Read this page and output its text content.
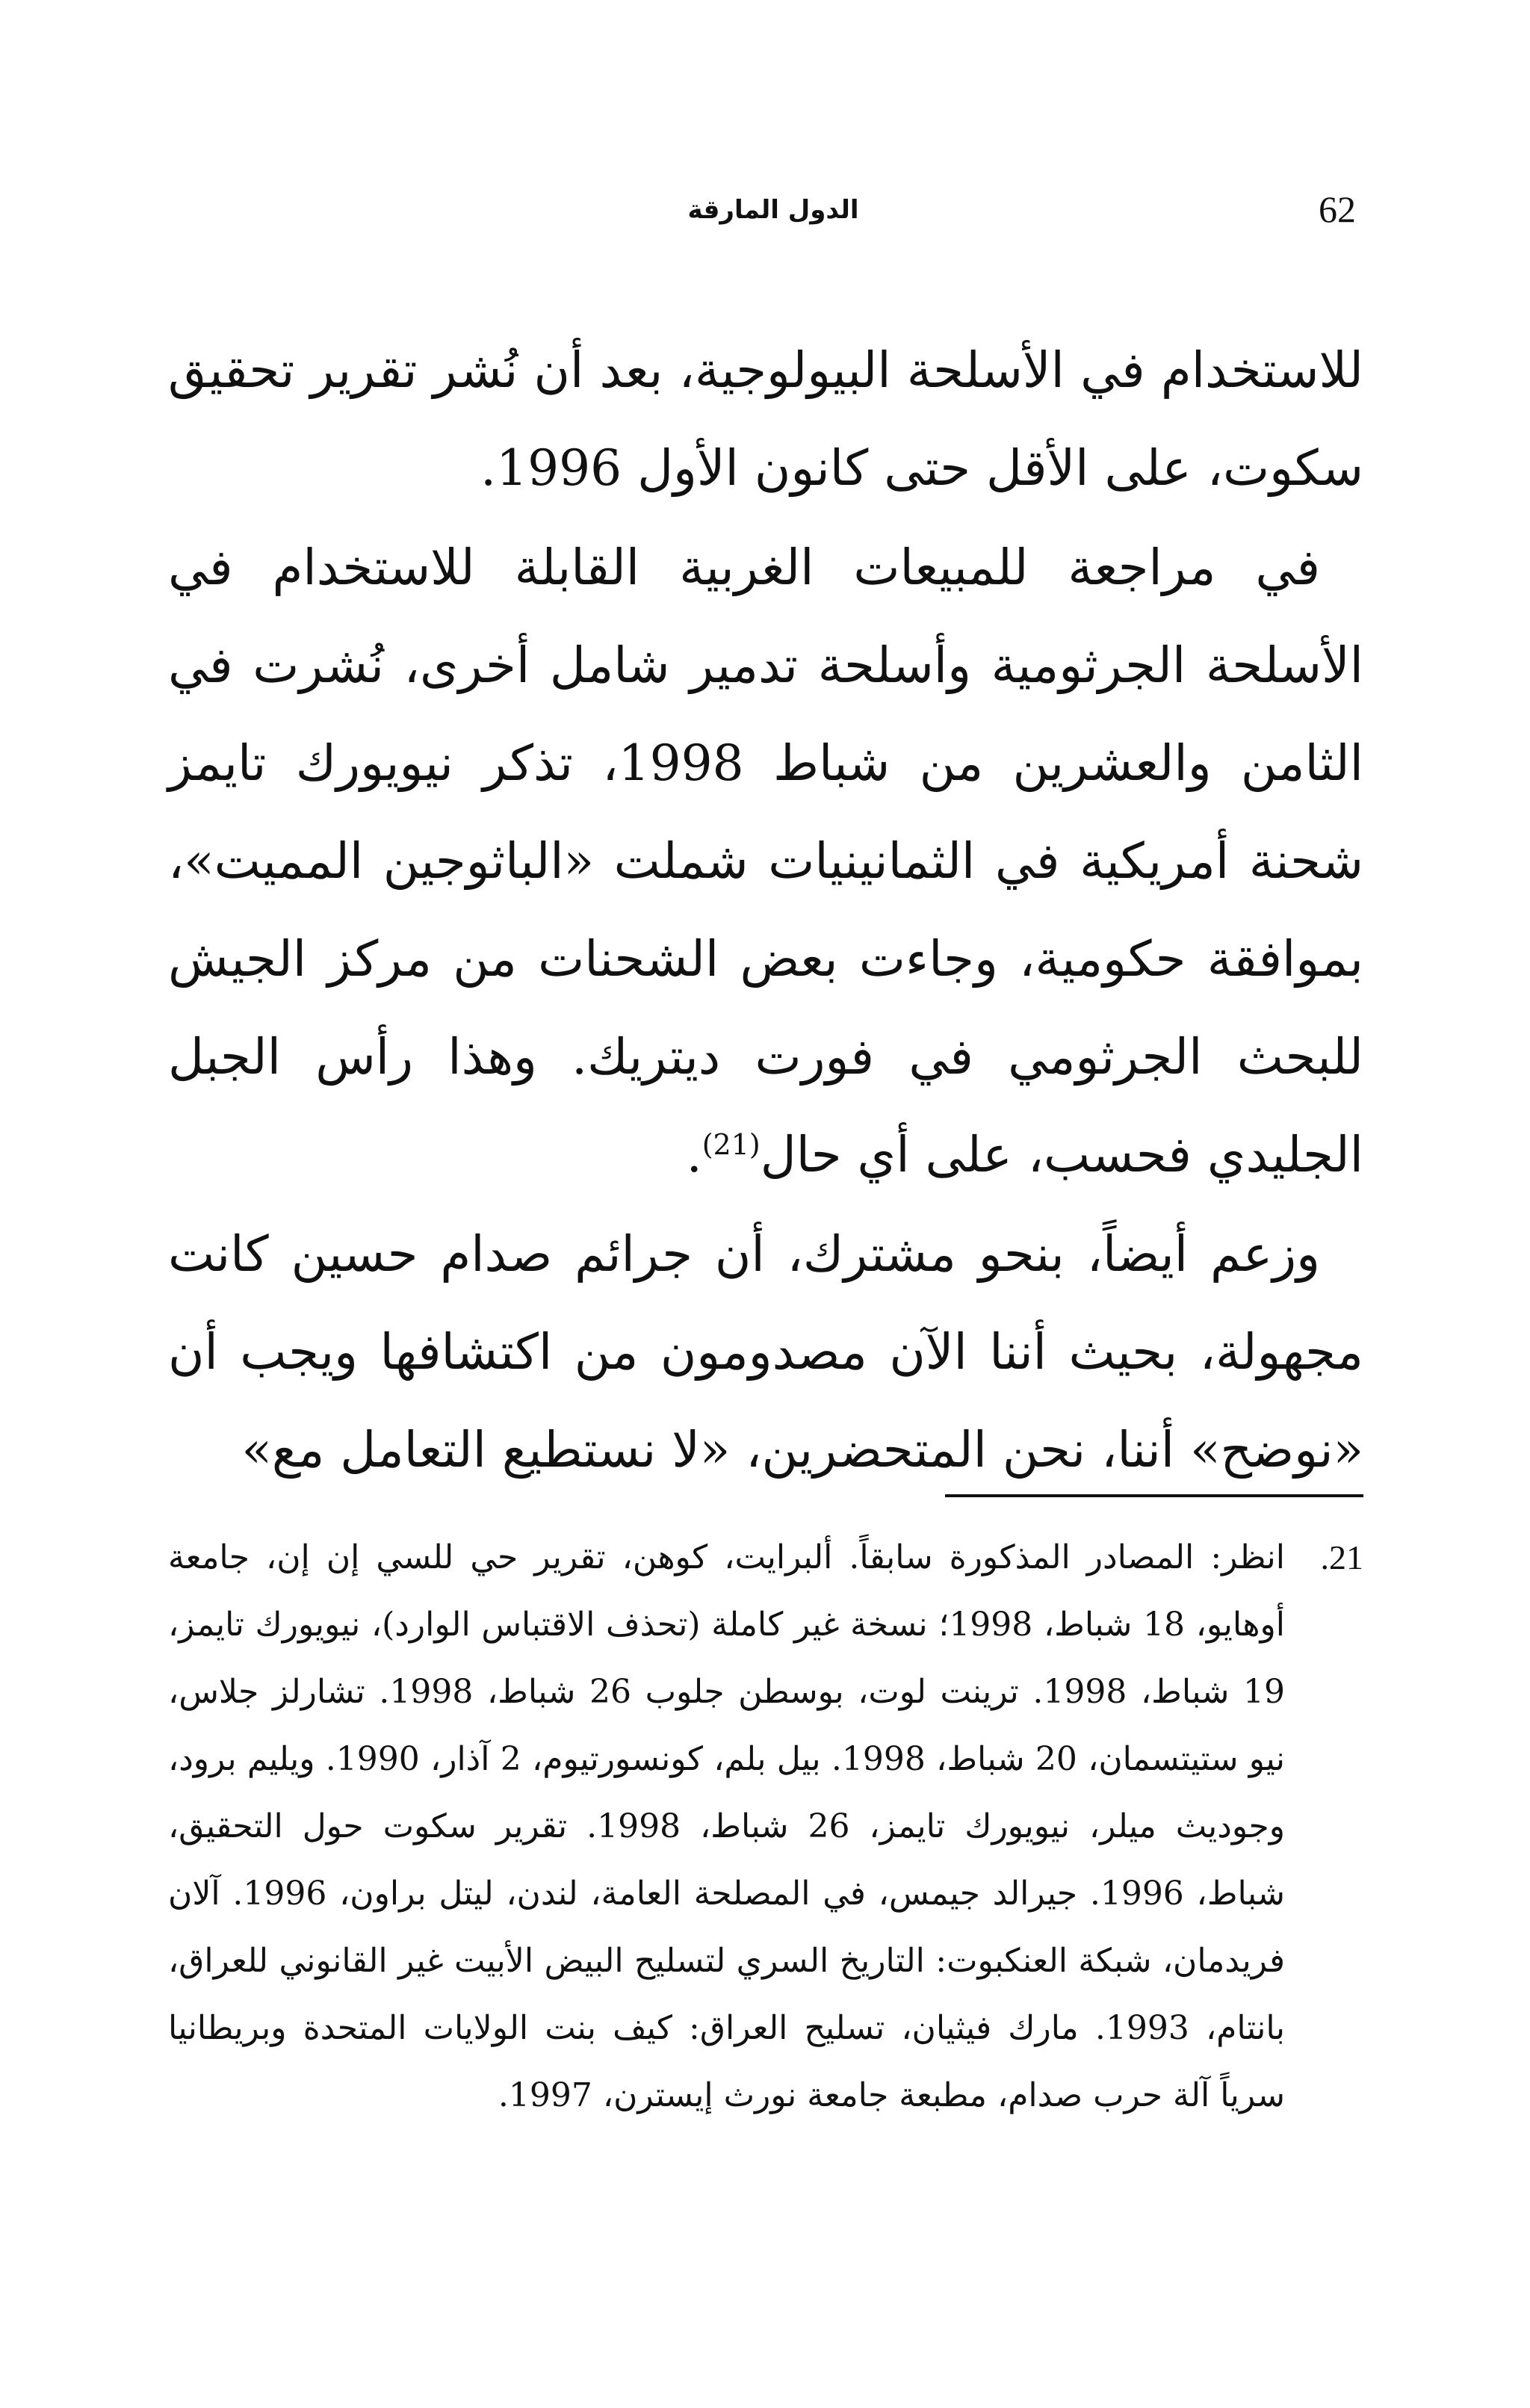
62
الدول المارقة

للاستخدام في الأسلحة البيولوجية، بعد أن نُشر تقرير تحقيق سكوت، على الأقل حتى كانون الأول 1996.

في مراجعة للمبيعات الغربية القابلة للاستخدام في الأسلحة الجرثومية وأسلحة تدمير شامل أخرى، نُشرت في الثامن والعشرين من شباط 1998، تذكر نيويورك تايمز شحنة أمريكية في الثمانينيات شملت «الباثوجين المميت»، بموافقة حكومية، وجاءت بعض الشحنات من مركز الجيش للبحث الجرثومي في فورت ديتريك. وهذا رأس الجبل الجليدي فحسب، على أي حال$^{(21)}$.

وزعم أيضاً، بنحو مشترك، أن جرائم صدام حسين كانت مجهولة، بحيث أننا الآن مصدومون من اكتشافها ويجب أن «نوضح» أننا، نحن المتحضرين، «لا نستطيع التعامل مع»

21.

انظر: المصادر المذكورة سابقاً. ألبرايت، كوهن، تقرير حي للسي إن إن، جامعة أوهايو، 18 شباط، 1998؛ نسخة غير كاملة (تحذف الاقتباس الوارد)، نيويورك تايمز، 19 شباط، 1998. ترينت لوت، بوسطن جلوب 26 شباط، 1998. تشارلز جلاس، نيو ستيتسمان، 20 شباط، 1998. بيل بلم، كونسورتيوم، 2 آذار، 1990. ويليم برود، وجوديث ميلر، نيويورك تايمز، 26 شباط، 1998. تقرير سكوت حول التحقيق، شباط، 1996. جيرالد جيمس، في المصلحة العامة، لندن، ليتل براون، 1996. آلان فريدمان، شبكة العنكبوت: التاريخ السري لتسليح البيض الأبيت غير القانوني للعراق، بانتام، 1993. مارك فيثيان، تسليح العراق: كيف بنت الولايات المتحدة وبريطانيا سرياً آلة حرب صدام، مطبعة جامعة نورث إيسترن، 1997.
